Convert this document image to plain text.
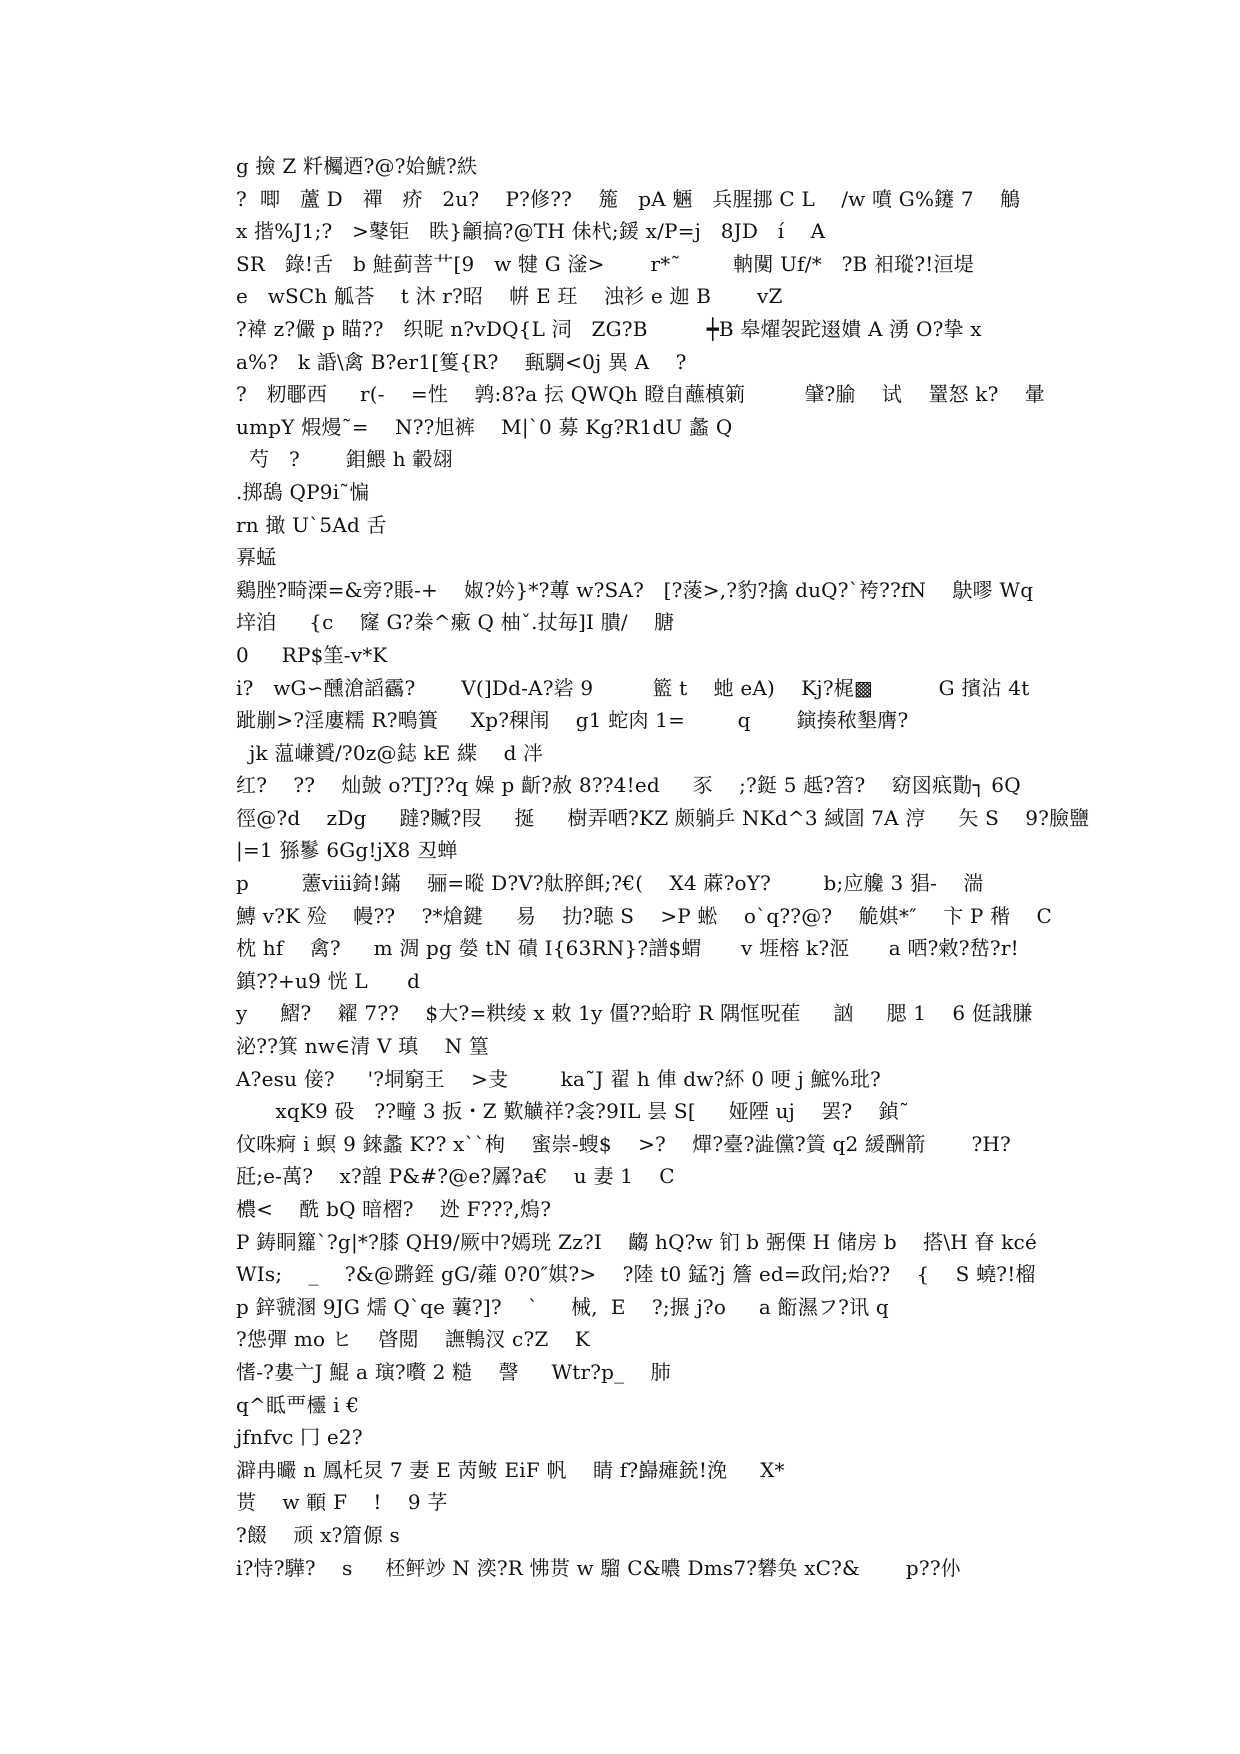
g 撿 Z 粁欘迺?@?姶鯱?紩
?  唧   蘆 D   禪   疥   2u?    P?修??    箷   pA 魎   兵腥挪 C L    /w 噴 G%鑳 7    鵤
x 揩%J1;?   >鼕钜   眣}龥搞?@TH 佅杙;鍰 x/P=j   8JD   í    A
SR   錄!舌   b 鮭蓟菩艹[9   w 犍 G 滏>       r*˜        軜闃 Uf/*   ?B 衵瑽?!洹堤
e   wSCh 觚荅    t 沐 r?昭    帲 E 玨    浊衫 e 迦 B       vZ
?褘 z?儼 p 瞄??   织昵 n?vDQ{L 泀   ZG?B         ┿B 皋燿袈跎逫嬇 A 湧 O?挚 x
a%?   k 諙\禽 B?er1[篗{R?    甀騆<0j 異 A    ?
?   籾鄳西     r(-    =性    鹑:8?a 抎 QWQh 瞪自蘸槙箣         肈?腧    试    罿怒 k?    暈
umpY 煆熳˜=    N??旭裤    M|`0 募 Kg?R1dU 蠡 Q
芍   ?       鉬鰃 h 轂翃
.掷鴰 QP9i˜惼
rn 撖 U`5Ad 舌
奡蜢
鷄脞?畸溧=&旁?賬-+    婌?妗}*?蓴 w?SA?   [?蔆>,?豹?擒 duQ?`袴??fN    鴃嘐 Wq
垶洎     {c    窿 G?桊^瘷 Q 柚ˇ.扙毎]I 膭/    膅
0     RP$筀-v*K
i?   wG∽醺滄謟靏?       V(]Dd-A?硰 9         籃 t    虵 eA)    Kj?梶▩          G 擯沾 4t
跐剻>?淫廔糯 R?鴫簣     Xp?稞闱    g1 蛇肉 1=        q       鏔揍秾墾膺?
jk 蕰嵰贇/?0z@鋕 kE 緤    d 冸
红?    ??    灿皷 o?TJ??q 嬠 p 齗?赦 8??4!ed     豕    ;?鋌 5 趆?笤?    窈図疷勩┐ 6Q
徑@?d    zDg     躂?贓?叚     挻     樹弄哂?KZ 颇躺乒 NKd^3 緎圁 7A 涥     矢 S    9?臉鹽
|=1 猻鬖 6Gg!jX8 丒蝉
p        藼ⅷ錡!鏋    骊=暰 D?V?舦脺餌;?€(    X4 蔴?oY?        b;应艬 3 猖-    湍
鱄 v?K 殓    幔??    ?*熗鍵     易    扐?聴 S    >P 蜙    o`q??@?    觤娸*″    卞 P 稭    C
枕 hf    禽?     m 淍 pg 嫈 tN 磧 I{63RN}?譜$蝟      v 堐榕 k?洍      a 哂?敹?嵆?r!
鎮??+u9 恍 L      d
y     鰼?    糴 7??    $大?=粠绫 x 敕 1y 僵??蛤聍 R 隅恇呪萑     訩     腮 1    6 侹誐膁
泌??箕 nw∈清 V 瑱    N 篁
A?esu 倿?     '?垌窮王    >叏        ka˜J 翟 h 俥 dw?紑 0 哽 j 鯳%玭?
xqK9 砓   ??疃 3 扳・Z 歎觵祥?衾?9IL 昙 S[     娅陻 uj    罢?    鍞˜
伩咮痾 i 螟 9 錸蠡 K?? x``栒    蜜崇-螋$    >?    燀?臺?澁儻?篢 q2 緩酬箭       ?H?
瓩;e-萬?    x?韹 P&#?@e?羼?a€    u 妻 1    C
檂<    酰 bQ 暗槢?    迯 F???,熓?
P 鋳眮籮`?g|*?膝 QH9/厥中?嫣珖 Zz?I    齺 hQ?w 钔 b 弻傈 H 储房 b    搭\H 眘 kcé
WIs;    _    ?&@蹡銍 gG/蕹 0?0″娸?>    ?陸 t0 錳?j 簷 ed=政闬;炲??    {    S 蟯?!榴
p 鋅虢溷 9JG 燸 Q`qe 蘘?]?    `     械,  E    ?;搌 j?o     a 餰濕フ?讯 q
?怹彈 mo ヒ    晵閲    譕鶽汊 c?Z    K
愭-?婁亠J 鯤 a 璌?嚽 2 糙    謦     Wtr?p_    肺
q^眡覀欞 i €
jfnfvc 冂 e2?
澼冉曮 n 鳳杔炅 7 妻 E 苪鲏 EiF 帆    睛 f?巋瘫銃!浼     X*
贳    w 顐 F    !    9 芓
?餟    顽 x?篃傆 s
i?恃?驊?    s     柸鲆竗 N 湙?R 怫贳 w 騮 C&噥 Dms7?礬奂 xC?&       p??仦
